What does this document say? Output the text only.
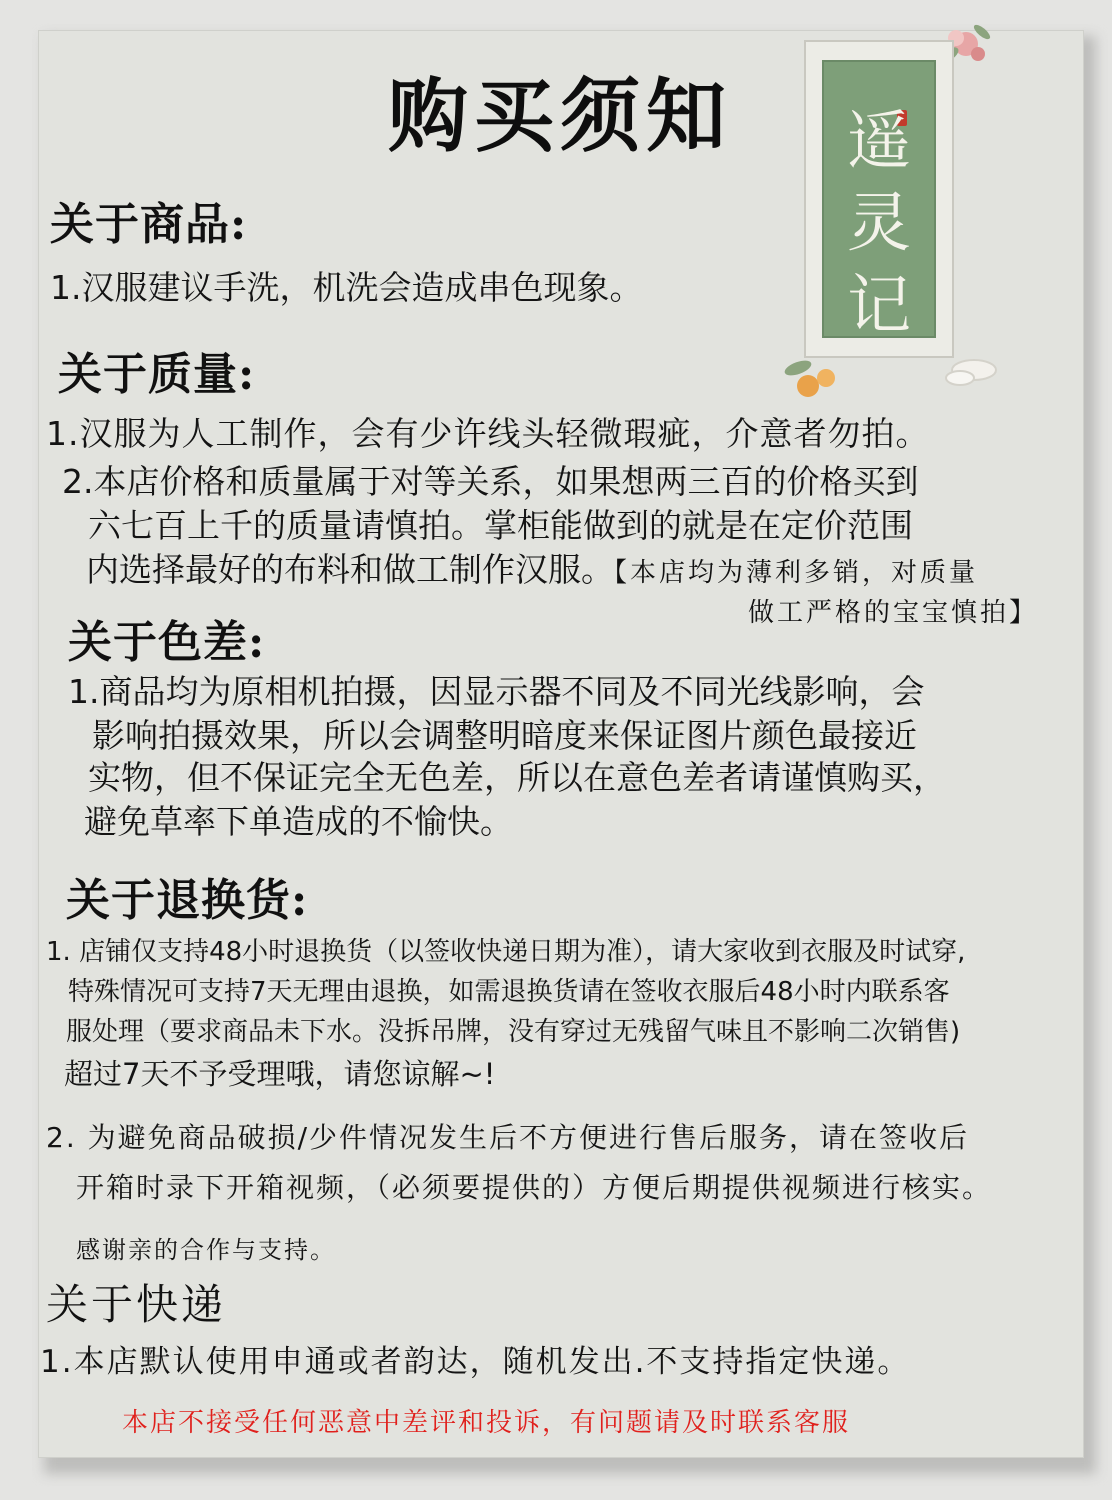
购买须知	遥
灵
记
关于商品:
1.汉服建议手洗，机洗会造成串色现象。
关于质量:
1.汉服为人工制作，会有少许线头轻微瑕疵，介意者勿拍。
2.本店价格和质量属于对等关系，如果想两三百的价格买到
六七百上千的质量请慎拍。掌柜能做到的就是在定价范围
内选择最好的布料和做工制作汉服。【本店均为薄利多销，对质量
做工严格的宝宝慎拍】
关于色差:
1.商品均为原相机拍摄，因显示器不同及不同光线影响，会
影响拍摄效果，所以会调整明暗度来保证图片颜色最接近
实物，但不保证完全无色差，所以在意色差者请谨慎购买，
避免草率下单造成的不愉快。
关于退换货:
1. 店铺仅支持48小时退换货（以签收快递日期为准），请大家收到衣服及时试穿,
特殊情况可支持7天无理由退换，如需退换货请在签收衣服后48小时内联系客
服处理（要求商品未下水。没拆吊牌，没有穿过无残留气味且不影响二次销售)
超过7天不予受理哦，请您谅解~!
2. 为避免商品破损/少件情况发生后不方便进行售后服务，请在签收后
开箱时录下开箱视频，（必须要提供的）方便后期提供视频进行核实。
感谢亲的合作与支持。
关于快递
1.本店默认使用申通或者韵达，随机发出.不支持指定快递。
本店不接受任何恶意中差评和投诉，有问题请及时联系客服
